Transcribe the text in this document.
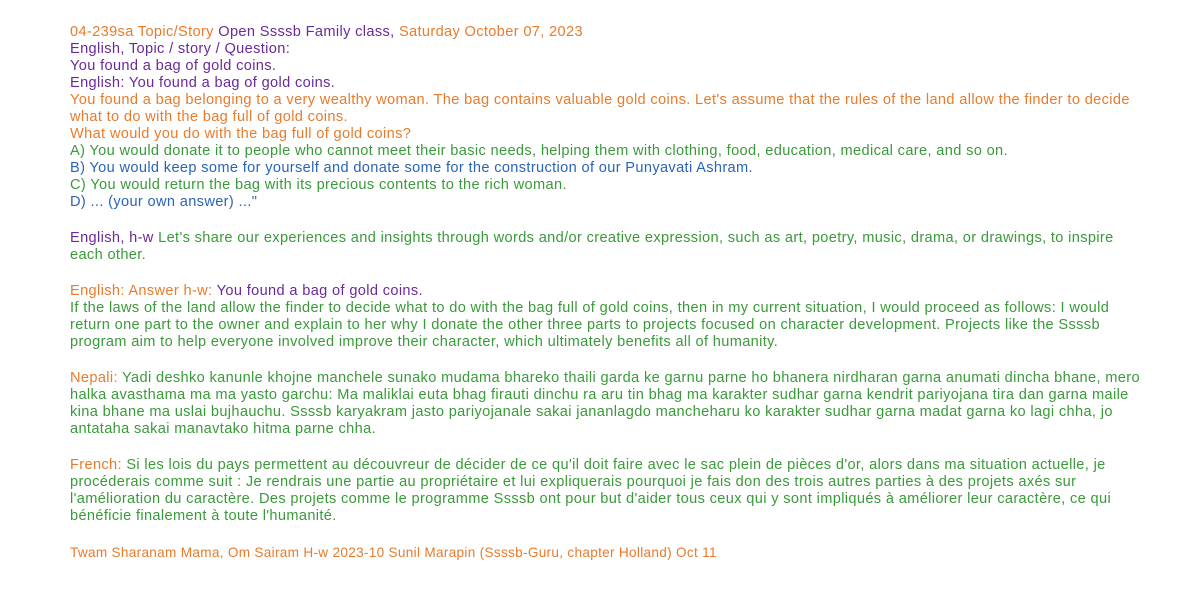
04-239sa Topic/Story Open Ssssb Family class, Saturday October 07, 2023

English, Topic / story / Question:

You found a bag of gold coins.

English: You found a bag of gold coins.

You found a bag belonging to a very wealthy woman. The bag contains valuable gold coins. Let's assume that the rules of the land allow the finder to decide what to do with the bag full of gold coins.

What would you do with the bag full of gold coins?

A) You would donate it to people who cannot meet their basic needs, helping them with clothing, food, education, medical care, and so on.

B) You would keep some for yourself and donate some for the construction of our Punyavati Ashram.

C) You would return the bag with its precious contents to the rich woman.

D) ... (your own answer) ..."

English, h-w Let's share our experiences and insights through words and/or creative expression, such as art, poetry, music, drama, or drawings, to inspire each other.

English: Answer h-w: You found a bag of gold coins.

If the laws of the land allow the finder to decide what to do with the bag full of gold coins, then in my current situation, I would proceed as follows: I would return one part to the owner and explain to her why I donate the other three parts to projects focused on character development. Projects like the Ssssb program aim to help everyone involved improve their character, which ultimately benefits all of humanity.

Nepali: Yadi deshko kanunle khojne manchele sunako mudama bhareko thaili garda ke garnu parne ho bhanera nirdharan garna anumati dincha bhane, mero halka avasthama ma ma yasto garchu: Ma maliklai euta bhag firauti dinchu ra aru tin bhag ma karakter sudhar garna kendrit pariyojana tira dan garna maile kina bhane ma uslai bujhauchu. Ssssb karyakram jasto pariyojanale sakai jananlagdo mancheharu ko karakter sudhar garna madat garna ko lagi chha, jo antataha sakai manavtako hitma parne chha.

French: Si les lois du pays permettent au découvreur de décider de ce qu'il doit faire avec le sac plein de pièces d'or, alors dans ma situation actuelle, je procéderais comme suit : Je rendrais une partie au propriétaire et lui expliquerais pourquoi je fais don des trois autres parties à des projets axés sur l'amélioration du caractère. Des projets comme le programme Ssssb ont pour but d'aider tous ceux qui y sont impliqués à améliorer leur caractère, ce qui bénéficie finalement à toute l'humanité.

Twam Sharanam Mama, Om Sairam H-w 2023-10 Sunil Marapin (Ssssb-Guru, chapter Holland) Oct 11
